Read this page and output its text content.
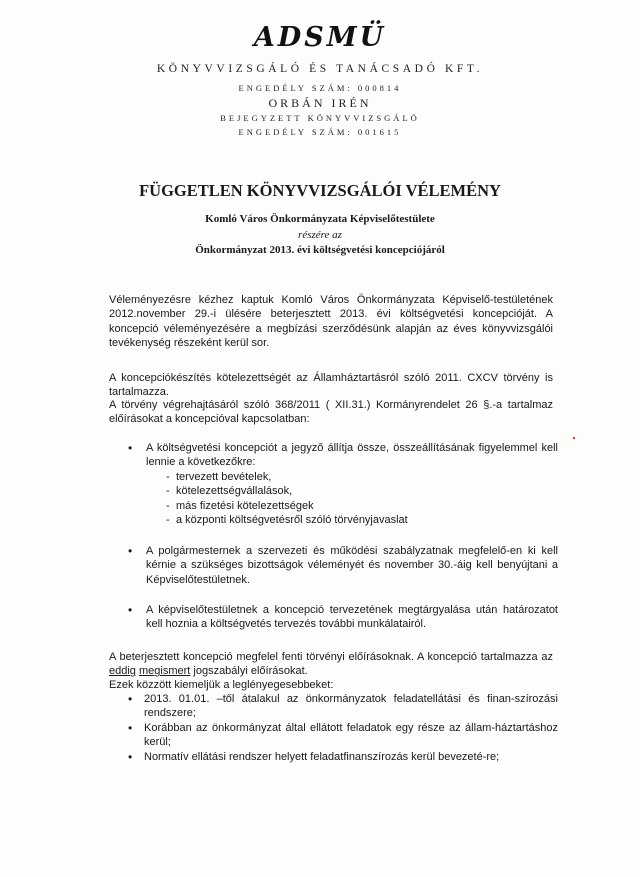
ADSMÜ
KÖNYVVIZSGÁLÓ ÉS TANÁCSADÓ KFT.
ENGEDÉLY SZÁM: 000814
ORBÁN IRÉN
BEJEGYZETT KÖNYVVIZSGÁLÓ
ENGEDÉLY SZÁM: 001615
FÜGGETLEN KÖNYVVIZSGÁLÓI VÉLEMÉNY
Komló Város Önkormányzata Képviselőtestülete
részére az
Önkormányzat 2013. évi költségvetési koncepciójáról
Véleményezésre kézhez kaptuk Komló Város Önkormányzata Képviselő-testületének 2012.november 29.-i ülésére beterjesztett 2013. évi költségvetési koncepcióját. A koncepció véleményezésére a megbízási szerződésünk alapján az éves könyvvizsgálói tevékenység részeként kerül sor.
A koncepciókészítés kötelezettségét az Államháztartásról szóló 2011. CXCV törvény is tartalmazza.
A törvény végrehajtásáról szóló 368/2011 ( XII.31.) Kormányrendelet 26 §.-a tartalmaz előírásokat a koncepcióval kapcsolatban:
• A költségvetési koncepciót a jegyző állítja össze, összeállításának figyelemmel kell lennie a következőkre:
- tervezett bevételek,
- kötelezettségvállalások,
- más fizetési kötelezettségek
- a központi költségvetésről szóló törvényjavaslat
• A polgármesternek a szervezeti és működési szabályzatnak megfelelő-en ki kell kérnie a szükséges bizottságok véleményét és november 30.-áig kell benyújtani a Képviselőtestületnek.
• A képviselőtestületnek a koncepció tervezetének megtárgyalása után határozatot kell hoznia a költségvetés tervezés további munkálatairól.
A beterjesztett koncepció megfelel fenti törvényi előírásoknak. A koncepció tartalmazza az eddig megismert jogszabályi előírásokat.
Ezek közzött kiemeljük a leglényegesebbeket:
• 2013. 01.01. –től átalakul az önkormányzatok feladatellátási és finan-szírozási rendszere;
• Korábban az önkormányzat által ellátott feladatok egy része az állam-háztartáshoz kerül;
• Normatív ellátási rendszer helyett feladatfinanszírozás kerül bevezeté-re;
